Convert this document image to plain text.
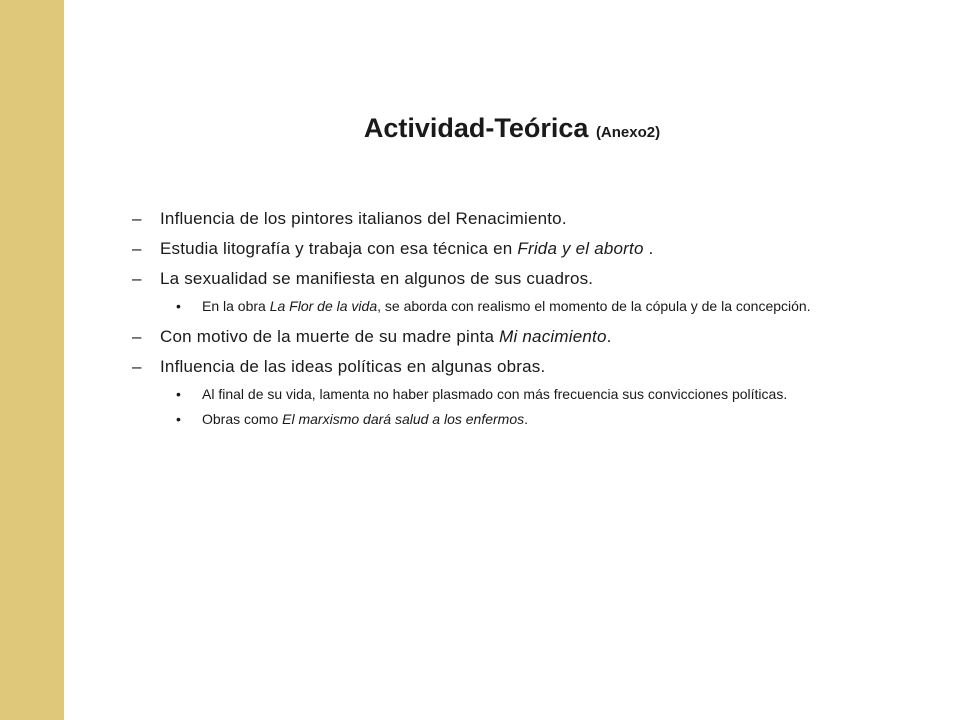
Actividad-Teórica (Anexo2)
– Influencia de los pintores italianos del Renacimiento.
– Estudia litografía y trabaja con esa técnica en Frida y el aborto .
– La sexualidad se manifiesta en algunos de sus cuadros.
• En la obra La Flor de la vida, se aborda con realismo el momento de la cópula y de la concepción.
– Con motivo de la muerte de su madre pinta Mi nacimiento.
– Influencia de las ideas políticas en algunas obras.
• Al final de su vida, lamenta no haber plasmado con más frecuencia sus convicciones políticas.
• Obras como El marxismo dará salud a los enfermos.
